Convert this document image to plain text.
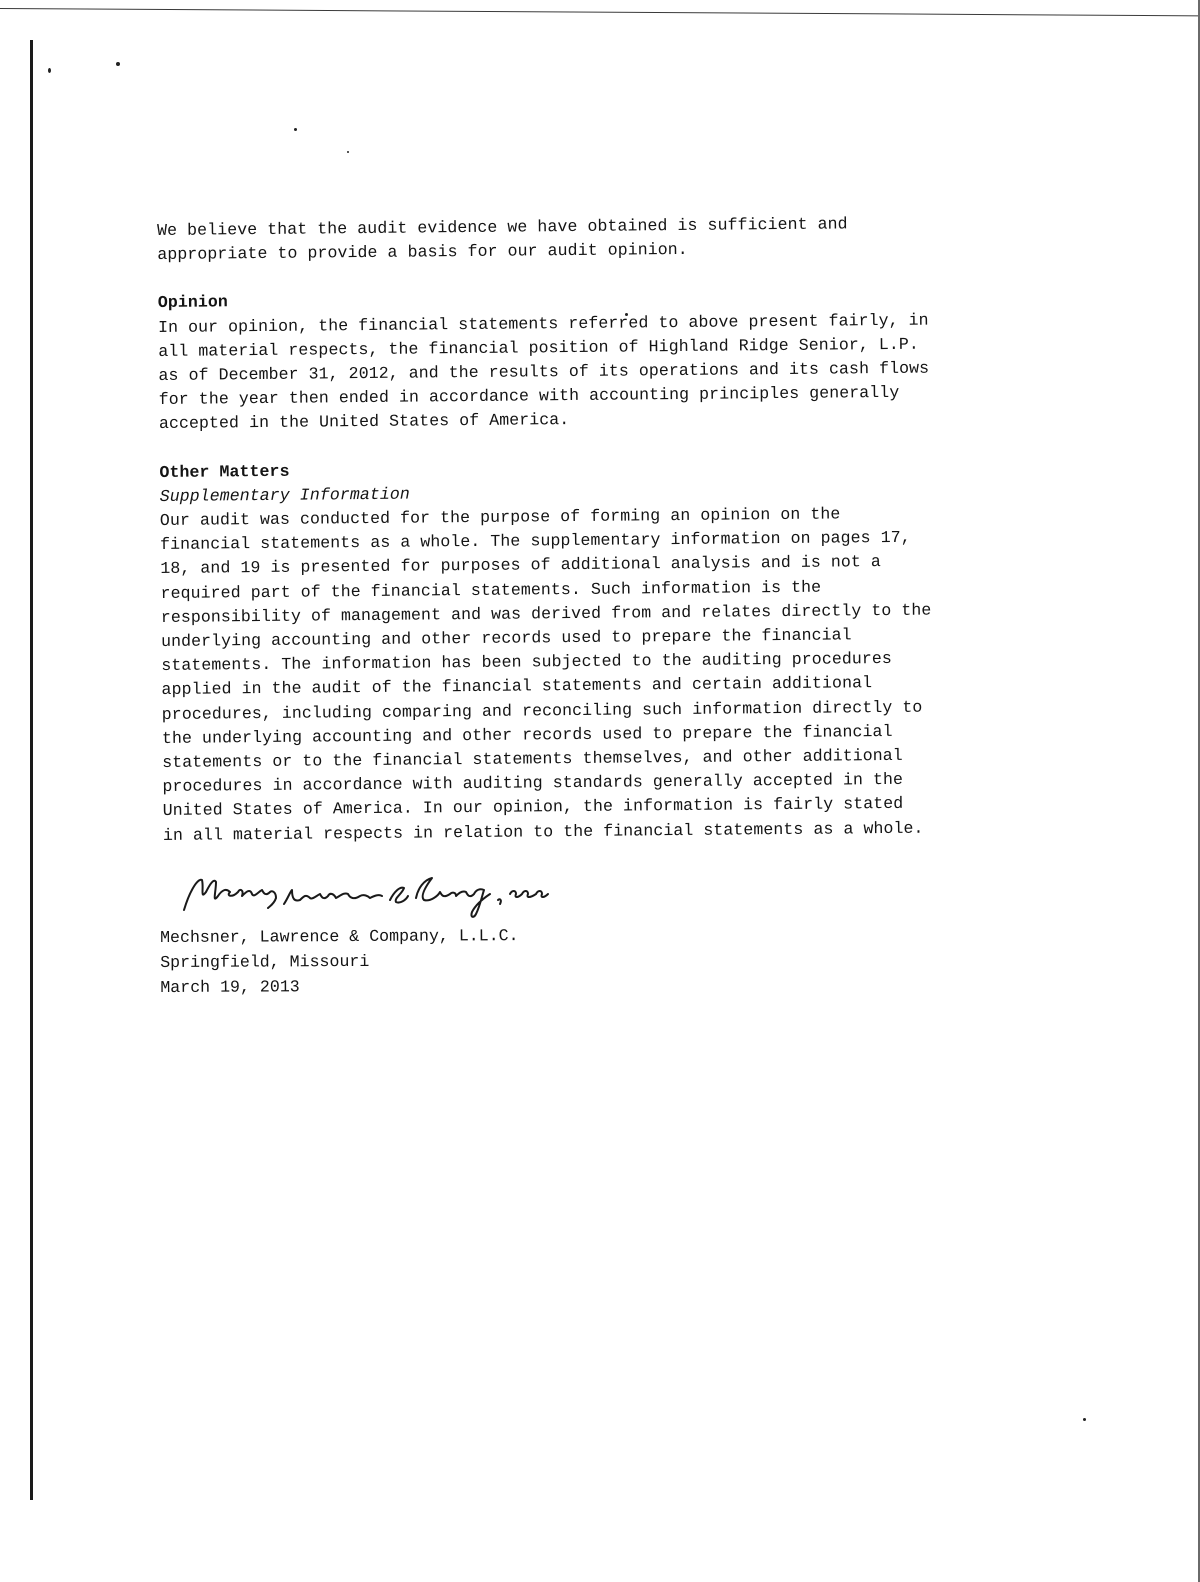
We believe that the audit evidence we have obtained is sufficient and
appropriate to provide a basis for our audit opinion.

Opinion

In our opinion, the financial statements referred to above present fairly, in
all material respects, the financial position of Highland Ridge Senior, L.P.
as of December 31, 2012, and the results of its operations and its cash flows
for the year then ended in accordance with accounting principles generally
accepted in the United States of America.

Other Matters

Supplementary Information

Our audit was conducted for the purpose of forming an opinion on the
financial statements as a whole. The supplementary information on pages 17,
18, and 19 is presented for purposes of additional analysis and is not a
required part of the financial statements. Such information is the
responsibility of management and was derived from and relates directly to the
underlying accounting and other records used to prepare the financial
statements. The information has been subjected to the auditing procedures
applied in the audit of the financial statements and certain additional
procedures, including comparing and reconciling such information directly to
the underlying accounting and other records used to prepare the financial
statements or to the financial statements themselves, and other additional
procedures in accordance with auditing standards generally accepted in the
United States of America. In our opinion, the information is fairly stated
in all material respects in relation to the financial statements as a whole.

Mechsner, Lawrence & Company, L.L.C.
Springfield, Missouri
March 19, 2013
